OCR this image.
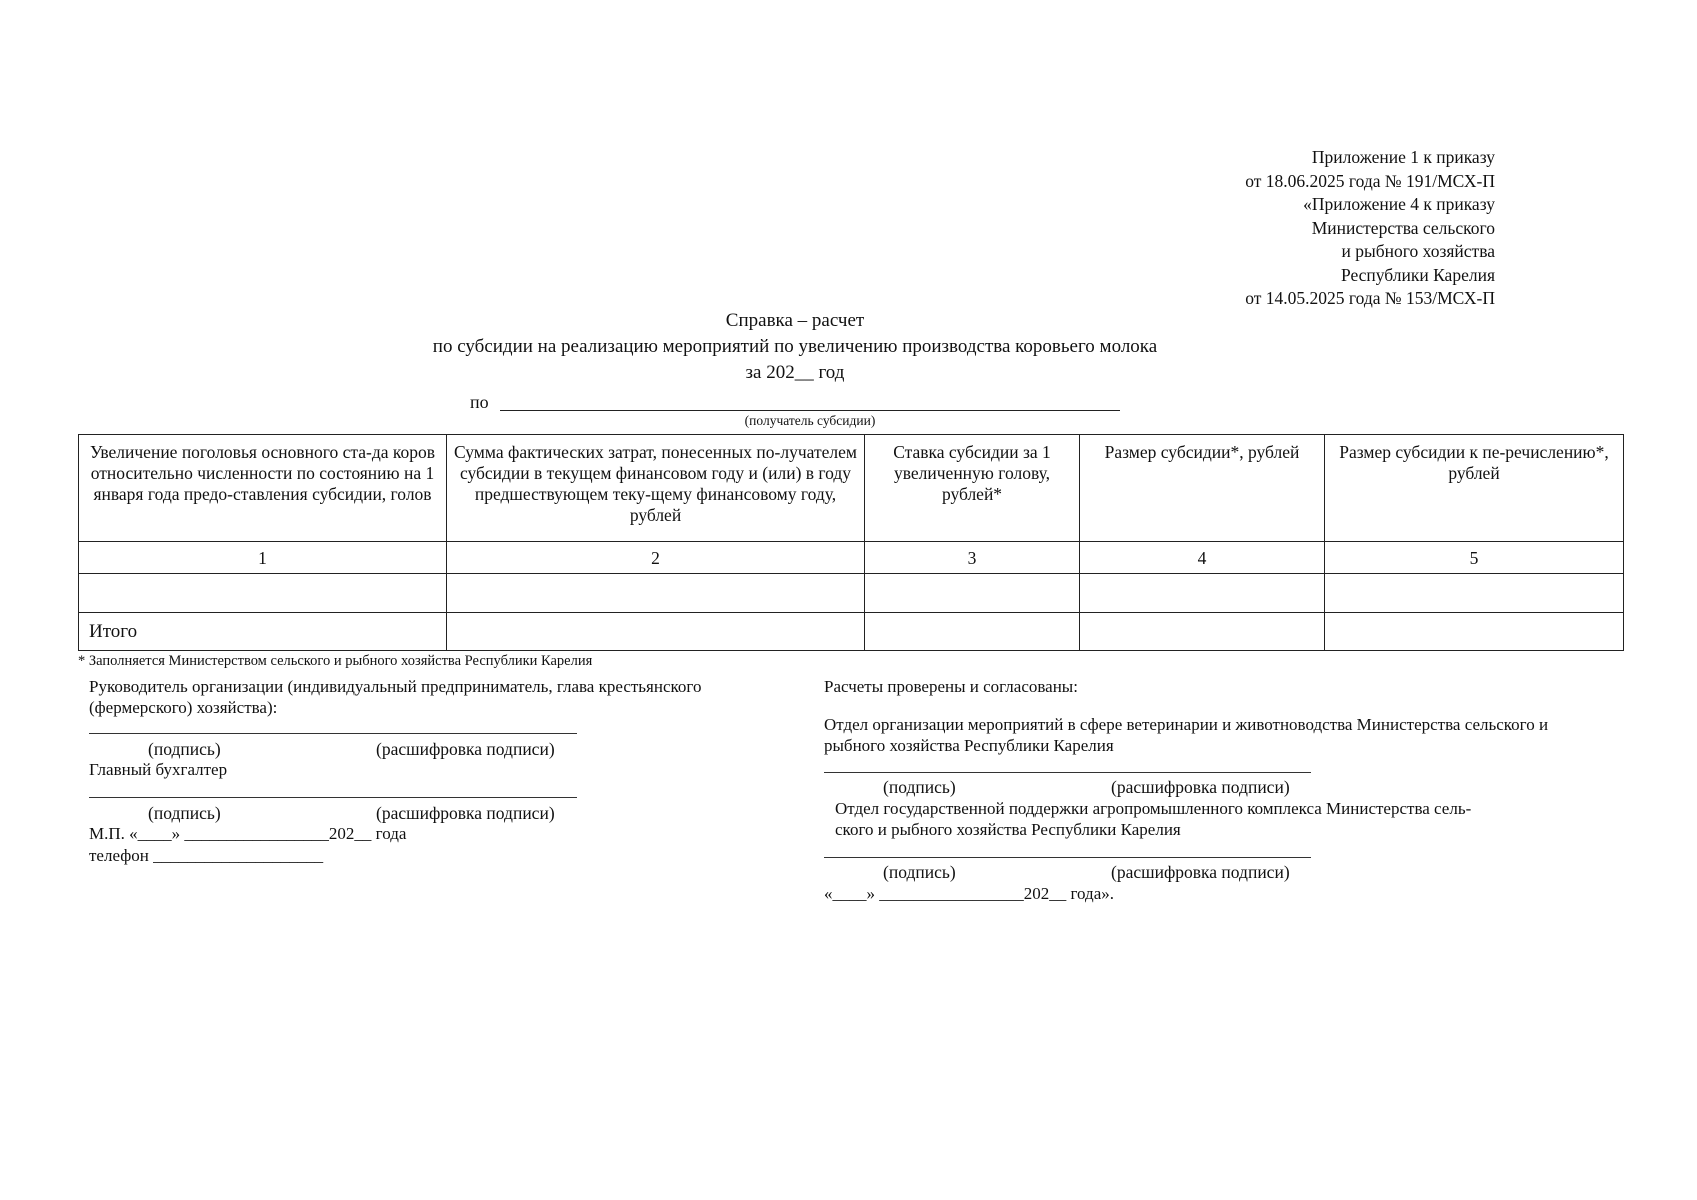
Приложение 1 к приказу
от 18.06.2025 года № 191/МСХ-П
«Приложение 4 к приказу
Министерства сельского
и рыбного хозяйства
Республики Карелия
от 14.05.2025 года № 153/МСХ-П
Справка – расчет
по субсидии на реализацию мероприятий по увеличению производства коровьего молока
за 202__ год
по
(получатель субсидии)
Увеличение поголовья основного ста-да коров относительно численности по состоянию на 1 января года предо-ставления субсидии, голов	Сумма фактических затрат, понесенных по-лучателем субсидии в текущем финансовом году и (или) в году предшествующем теку-щему финансовому году, рублей	Ставка субсидии за 1 увеличенную голову, рублей*	Размер субсидии*, рублей	Размер субсидии к пе-речислению*, рублей
1	2	3	4	5

Итого				
* Заполняется Министерством сельского и рыбного хозяйства Республики Карелия
Руководитель организации (индивидуальный предприниматель, глава крестьянского
(фермерского) хозяйства):
(подпись)	(расшифровка подписи)
Главный бухгалтер
(подпись)	(расшифровка подписи)
М.П. «____» _________________202__ года
телефон ____________________
Расчеты проверены и согласованы:
Отдел организации мероприятий в сфере ветеринарии и животноводства Министерства сельского и
рыбного хозяйства Республики Карелия
(подпись)	(расшифровка подписи)
Отдел государственной поддержки агропромышленного комплекса Министерства сель-
ского и рыбного хозяйства Республики Карелия
(подпись)	(расшифровка подписи)
«____» _________________202__ года».
